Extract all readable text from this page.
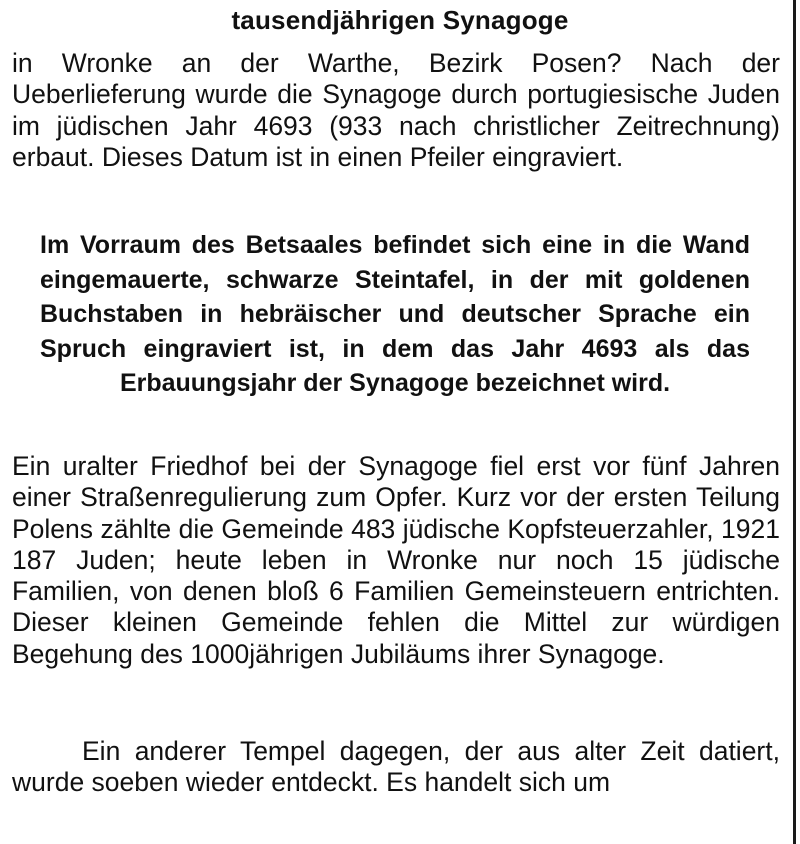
tausendjährigen Synagoge
in Wronke an der Warthe, Bezirk Posen? Nach der Ueberlieferung wurde die Synagoge durch portugiesische Juden im jüdischen Jahr 4693 (933 nach christlicher Zeitrechnung) erbaut. Dieses Datum ist in einen Pfeiler eingraviert.
Im Vorraum des Betsaales befindet sich eine in die Wand eingemauerte, schwarze Steintafel, in der mit goldenen Buchstaben in hebräischer und deutscher Sprache ein Spruch eingraviert ist, in dem das Jahr 4693 als das Erbauungsjahr der Synagoge bezeichnet wird.
Ein uralter Friedhof bei der Synagoge fiel erst vor fünf Jahren einer Straßenregulierung zum Opfer. Kurz vor der ersten Teilung Polens zählte die Gemeinde 483 jüdische Kopfsteuerzahler, 1921 187 Juden; heute leben in Wronke nur noch 15 jüdische Familien, von denen bloß 6 Familien Gemeinsteuern entrichten. Dieser kleinen Gemeinde fehlen die Mittel zur würdigen Begehung des 1000jährigen Jubiläums ihrer Synagoge.
Ein anderer Tempel dagegen, der aus alter Zeit datiert, wurde soeben wieder entdeckt. Es handelt sich um
